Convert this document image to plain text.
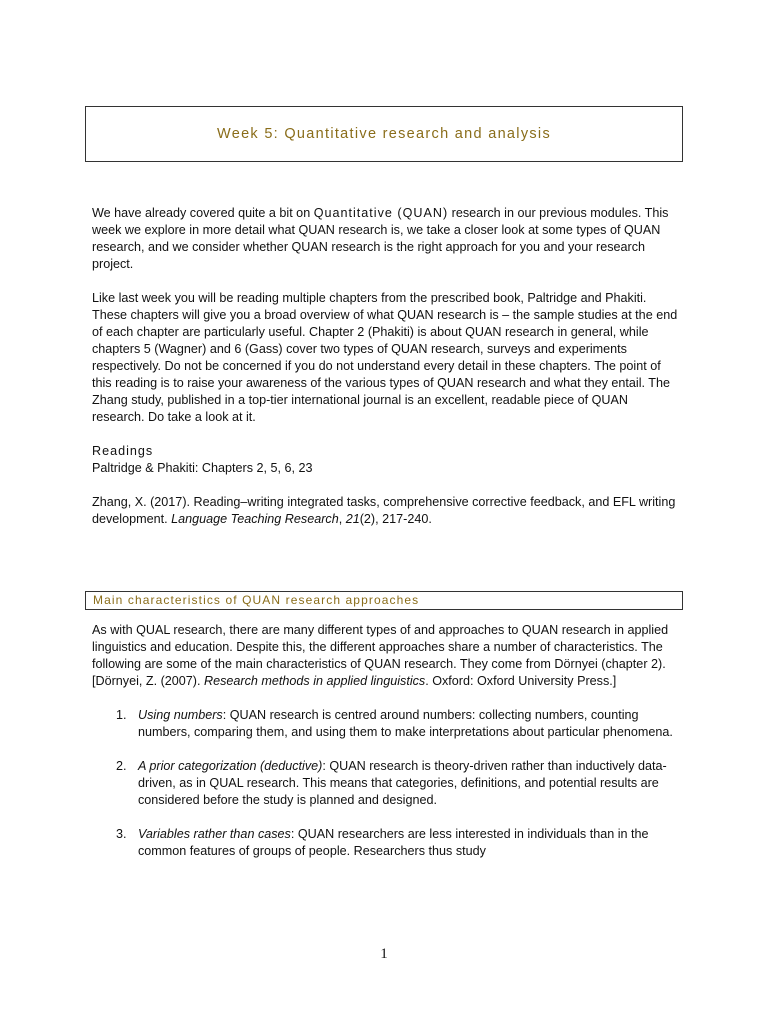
Week 5: Quantitative research and analysis

We have already covered quite a bit on Quantitative (QUAN) research in our previous modules. This week we explore in more detail what QUAN research is, we take a closer look at some types of QUAN research, and we consider whether QUAN research is the right approach for you and your research project.

Like last week you will be reading multiple chapters from the prescribed book, Paltridge and Phakiti. These chapters will give you a broad overview of what QUAN research is – the sample studies at the end of each chapter are particularly useful. Chapter 2 (Phakiti) is about QUAN research in general, while chapters 5 (Wagner) and 6 (Gass) cover two types of QUAN research, surveys and experiments respectively. Do not be concerned if you do not understand every detail in these chapters. The point of this reading is to raise your awareness of the various types of QUAN research and what they entail. The Zhang study, published in a top-tier international journal is an excellent, readable piece of QUAN research. Do take a look at it.

Readings

Paltridge & Phakiti: Chapters 2, 5, 6, 23

Zhang, X. (2017). Reading–writing integrated tasks, comprehensive corrective feedback, and EFL writing development. Language Teaching Research, 21(2), 217-240.

Main characteristics of QUAN research approaches

As with QUAL research, there are many different types of and approaches to QUAN research in applied linguistics and education. Despite this, the different approaches share a number of characteristics. The following are some of the main characteristics of QUAN research. They come from Dörnyei (chapter 2). [Dörnyei, Z. (2007). Research methods in applied linguistics. Oxford: Oxford University Press.]

1. Using numbers: QUAN research is centred around numbers: collecting numbers, counting numbers, comparing them, and using them to make interpretations about particular phenomena.
2. A prior categorization (deductive): QUAN research is theory-driven rather than inductively data-driven, as in QUAL research. This means that categories, definitions, and potential results are considered before the study is planned and designed.
3. Variables rather than cases: QUAN researchers are less interested in individuals than in the common features of groups of people. Researchers thus study
1
